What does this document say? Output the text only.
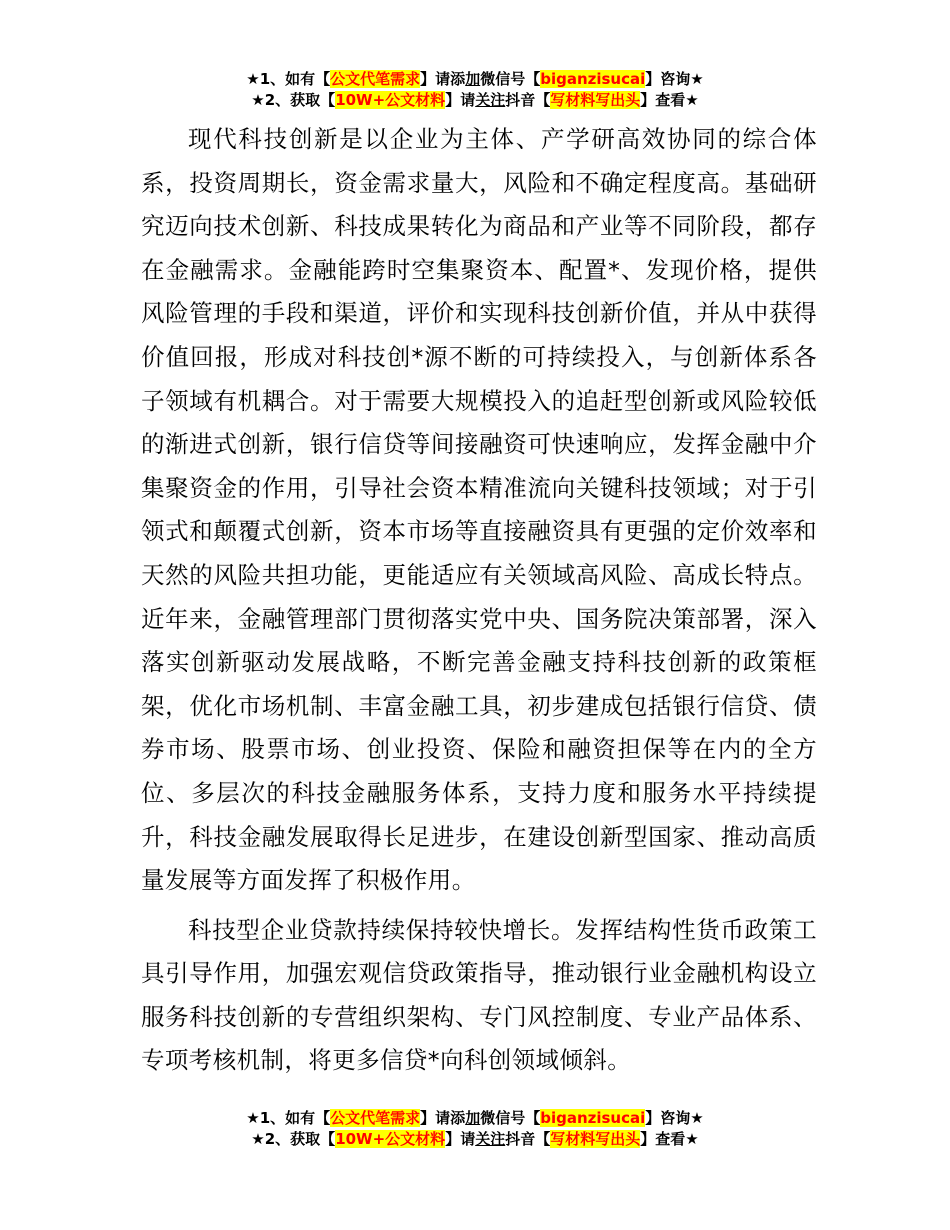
★1、如有【公文代笔需求】请添加微信号【biganzisucai】咨询★
★2、获取【10W+公文材料】请关注抖音【写材料写出头】查看★

现代科技创新是以企业为主体、产学研高效协同的综合体系，投资周期长，资金需求量大，风险和不确定程度高。基础研究迈向技术创新、科技成果转化为商品和产业等不同阶段，都存在金融需求。金融能跨时空集聚资本、配置*、发现价格，提供风险管理的手段和渠道，评价和实现科技创新价值，并从中获得价值回报，形成对科技创*源不断的可持续投入，与创新体系各子领域有机耦合。对于需要大规模投入的追赶型创新或风险较低的渐进式创新，银行信贷等间接融资可快速响应，发挥金融中介集聚资金的作用，引导社会资本精准流向关键科技领域；对于引领式和颠覆式创新，资本市场等直接融资具有更强的定价效率和天然的风险共担功能，更能适应有关领域高风险、高成长特点。近年来，金融管理部门贯彻落实党中央、国务院决策部署，深入落实创新驱动发展战略，不断完善金融支持科技创新的政策框架，优化市场机制、丰富金融工具，初步建成包括银行信贷、债券市场、股票市场、创业投资、保险和融资担保等在内的全方位、多层次的科技金融服务体系，支持力度和服务水平持续提升，科技金融发展取得长足进步，在建设创新型国家、推动高质量发展等方面发挥了积极作用。

科技型企业贷款持续保持较快增长。发挥结构性货币政策工具引导作用，加强宏观信贷政策指导，推动银行业金融机构设立服务科技创新的专营组织架构、专门风控制度、专业产品体系、专项考核机制，将更多信贷*向科创领域倾斜。

★1、如有【公文代笔需求】请添加微信号【biganzisucai】咨询★
★2、获取【10W+公文材料】请关注抖音【写材料写出头】查看★
